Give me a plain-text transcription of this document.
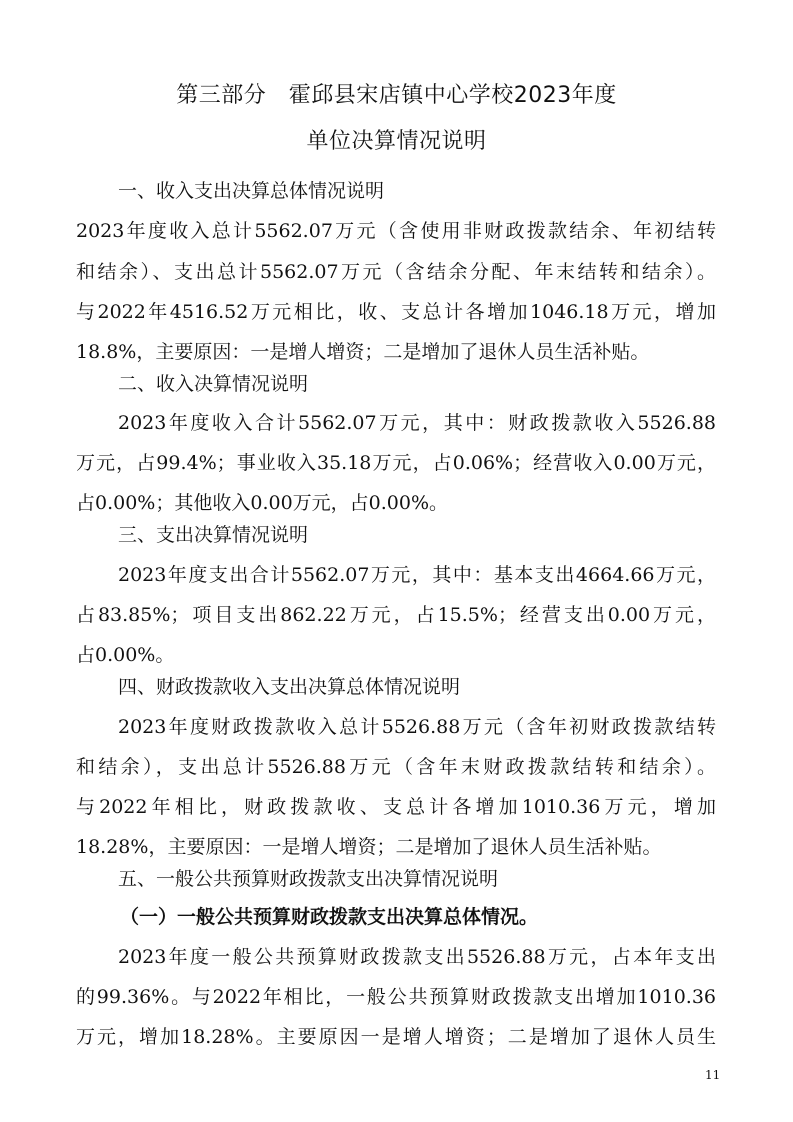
第三部分　霍邱县宋店镇中心学校2023年度
单位决算情况说明
一、收入支出决算总体情况说明
2023年度收入总计5562.07万元（含使用非财政拨款结余、年初结转
和结余）、支出总计5562.07万元（含结余分配、年末结转和结余）。
与2022年4516.52万元相比，收、支总计各增加1046.18万元，增加
18.8%，主要原因：一是增人增资；二是增加了退休人员生活补贴。
二、收入决算情况说明
2023年度收入合计5562.07万元，其中：财政拨款收入5526.88
万元，占99.4%；事业收入35.18万元，占0.06%；经营收入0.00万元，
占0.00%；其他收入0.00万元，占0.00%。
三、支出决算情况说明
2023年度支出合计5562.07万元，其中：基本支出4664.66万元，
占83.85%；项目支出862.22万元，占15.5%；经营支出0.00万元，
占0.00%。
四、财政拨款收入支出决算总体情况说明
2023年度财政拨款收入总计5526.88万元（含年初财政拨款结转
和结余），支出总计5526.88万元（含年末财政拨款结转和结余）。
与2022年相比，财政拨款收、支总计各增加1010.36万元，增加
18.28%，主要原因：一是增人增资；二是增加了退休人员生活补贴。
五、一般公共预算财政拨款支出决算情况说明
（一）一般公共预算财政拨款支出决算总体情况。
2023年度一般公共预算财政拨款支出5526.88万元，占本年支出
的99.36%。与2022年相比，一般公共预算财政拨款支出增加1010.36
万元，增加18.28%。主要原因一是增人增资；二是增加了退休人员生
11
